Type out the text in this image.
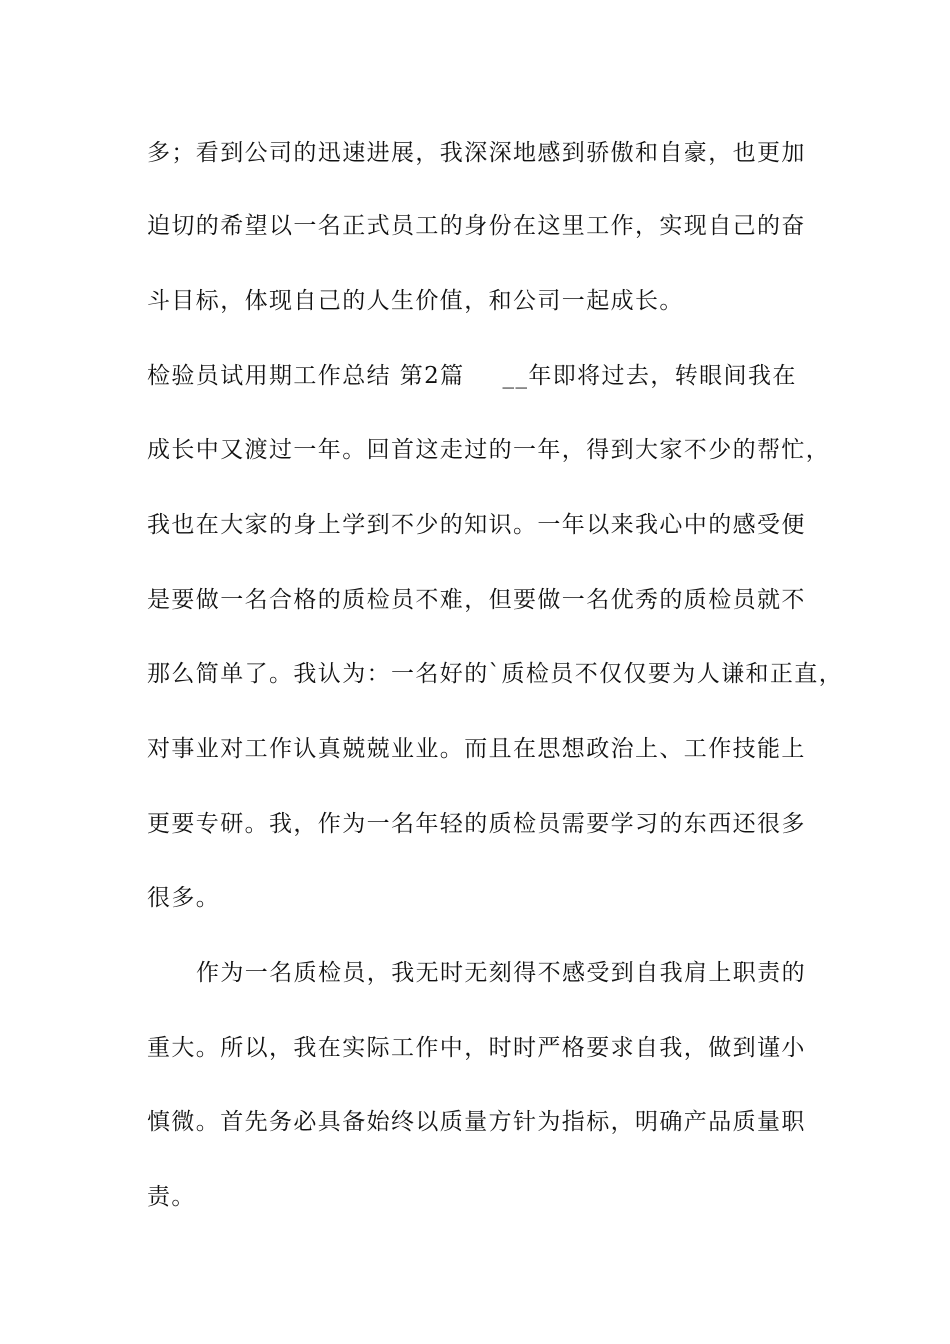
多；看到公司的迅速进展，我深深地感到骄傲和自豪，也更加
迫切的希望以一名正式员工的身份在这里工作，实现自己的奋
斗目标，体现自己的人生价值，和公司一起成长。
检验员试用期工作总结 第2篇 __年即将过去，转眼间我在
成长中又渡过一年。回首这走过的一年，得到大家不少的帮忙，
我也在大家的身上学到不少的知识。一年以来我心中的感受便
是要做一名合格的质检员不难，但要做一名优秀的质检员就不
那么简单了。我认为：一名好的`质检员不仅仅要为人谦和正直，
对事业对工作认真兢兢业业。而且在思想政治上、工作技能上
更要专研。我，作为一名年轻的质检员需要学习的东西还很多
很多。
作为一名质检员，我无时无刻得不感受到自我肩上职责的
重大。所以，我在实际工作中，时时严格要求自我，做到谨小
慎微。首先务必具备始终以质量方针为指标，明确产品质量职
责。
